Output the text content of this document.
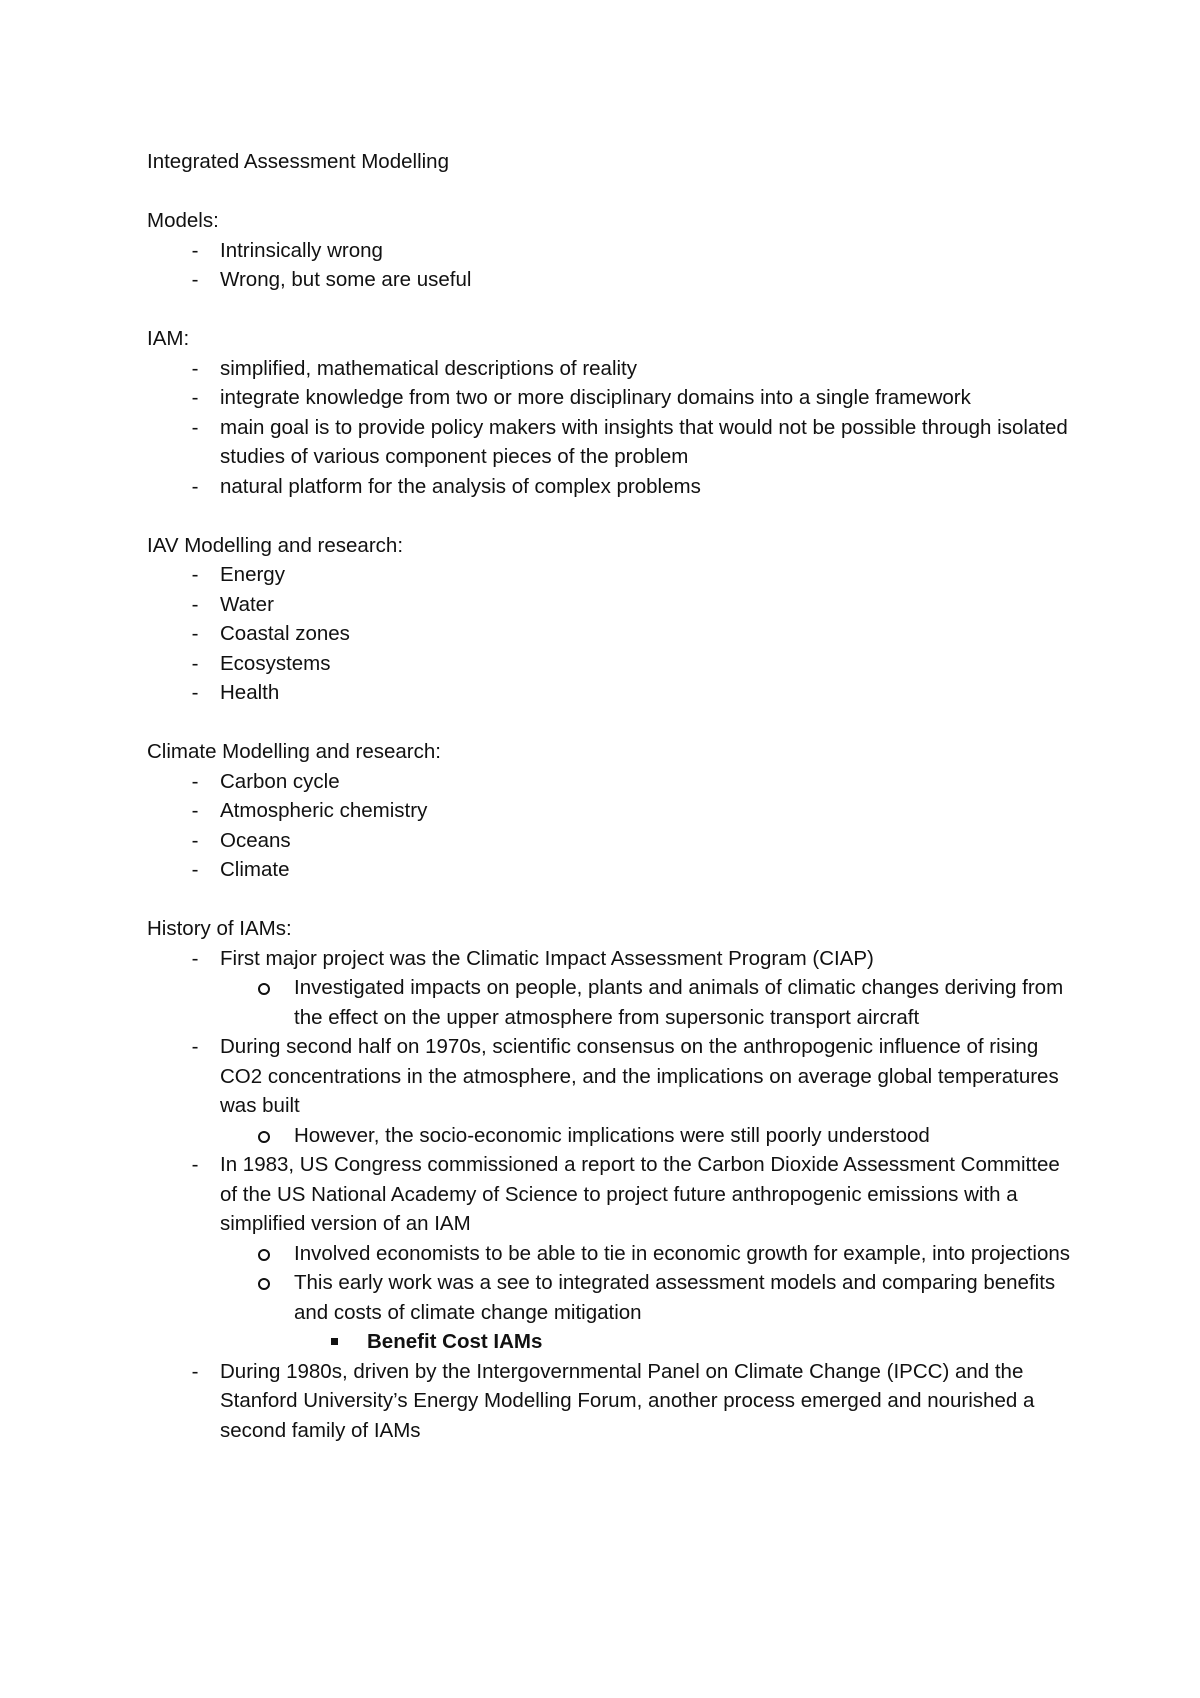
Integrated Assessment Modelling

Models:

-	Intrinsically wrong
-	Wrong, but some are useful

IAM:

-	simplified, mathematical descriptions of reality
-	integrate knowledge from two or more disciplinary domains into a single framework
-	main goal is to provide policy makers with insights that would not be possible through isolated studies of various component pieces of the problem
-	natural platform for the analysis of complex problems

IAV Modelling and research:

-	Energy
-	Water
-	Coastal zones
-	Ecosystems
-	Health

Climate Modelling and research:

-	Carbon cycle
-	Atmospheric chemistry
-	Oceans
-	Climate

History of IAMs:

-	First major project was the Climatic Impact Assessment Program (CIAP)
Investigated impacts on people, plants and animals of climatic changes deriving from the effect on the upper atmosphere from supersonic transport aircraft
-	During second half on 1970s, scientific consensus on the anthropogenic influence of rising CO2 concentrations in the atmosphere, and the implications on average global temperatures was built
However, the socio-economic implications were still poorly understood
-	In 1983, US Congress commissioned a report to the Carbon Dioxide Assessment Committee of the US National Academy of Science to project future anthropogenic emissions with a simplified version of an IAM
Involved economists to be able to tie in economic growth for example, into projections
This early work was a see to integrated assessment models and comparing benefits and costs of climate change mitigation
Benefit Cost IAMs
-	During 1980s, driven by the Intergovernmental Panel on Climate Change (IPCC) and the Stanford University’s Energy Modelling Forum, another process emerged and nourished a second family of IAMs
